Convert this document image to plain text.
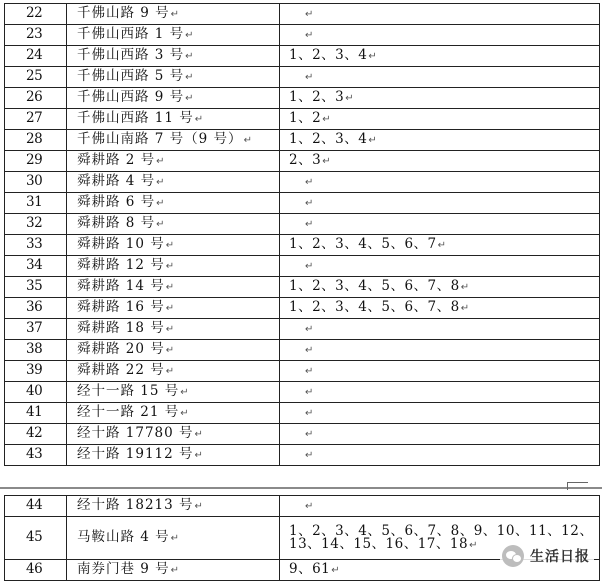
22	千佛山路 9 号↵	↵
23	千佛山西路 1 号↵	↵
24	千佛山西路 3 号↵	1、2、3、4↵
25	千佛山西路 5 号↵	↵
26	千佛山西路 9 号↵	1、2、3↵
27	千佛山西路 11 号↵	1、2↵
28	千佛山南路 7 号（9 号）↵	1、2、3、4↵
29	舜耕路 2 号↵	2、3↵
30	舜耕路 4 号↵	↵
31	舜耕路 6 号↵	↵
32	舜耕路 8 号↵	↵
33	舜耕路 10 号↵	1、2、3、4、5、6、7↵
34	舜耕路 12 号↵	↵
35	舜耕路 14 号↵	1、2、3、4、5、6、7、8↵
36	舜耕路 16 号↵	1、2、3、4、5、6、7、8↵
37	舜耕路 18 号↵	↵
38	舜耕路 20 号↵	↵
39	舜耕路 22 号↵	↵
40	经十一路 15 号↵	↵
41	经十一路 21 号↵	↵
42	经十路 17780 号↵	↵
43	经十路 19112 号↵	↵
44	经十路 18213 号↵	↵
45	马鞍山路 4 号↵	1、2、3、4、5、6、7、8、9、10、11、12、13、14、15、16、17、18↵
46	南券门巷 9 号↵	9、61↵
生活日报
